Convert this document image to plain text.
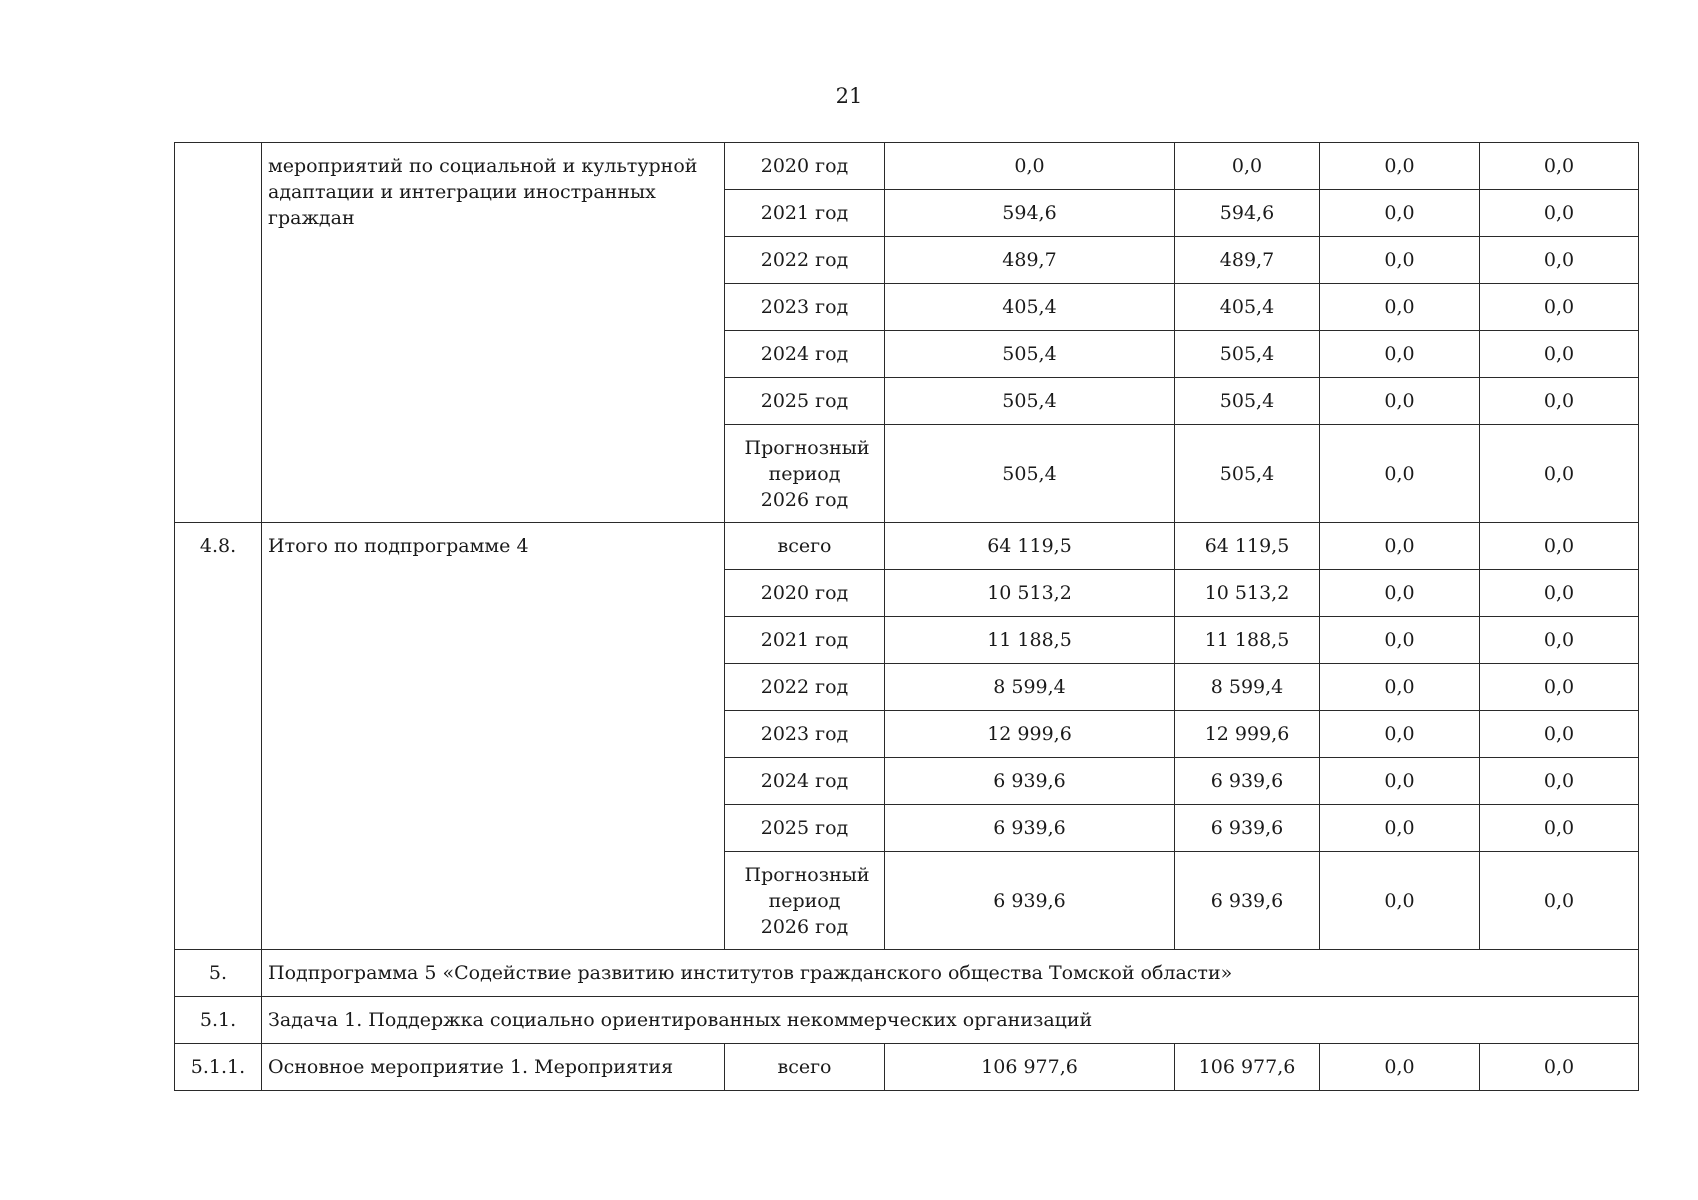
21
	мероприятий по социальной и культурной адаптации и интеграции иностранных граждан	2020 год	0,0	0,0	0,0	0,0

		2021 год	594,6	594,6	0,0	0,0

		2022 год	489,7	489,7	0,0	0,0

		2023 год	405,4	405,4	0,0	0,0

		2024 год	505,4	505,4	0,0	0,0

		2025 год	505,4	505,4	0,0	0,0

		Прогнозный период 2026 год	505,4	505,4	0,0	0,0
4.8.	Итого по подпрограмме 4	всего	64 119,5	64 119,5	0,0	0,0

		2020 год	10 513,2	10 513,2	0,0	0,0

		2021 год	11 188,5	11 188,5	0,0	0,0

		2022 год	8 599,4	8 599,4	0,0	0,0

		2023 год	12 999,6	12 999,6	0,0	0,0

		2024 год	6 939,6	6 939,6	0,0	0,0

		2025 год	6 939,6	6 939,6	0,0	0,0

		Прогнозный период 2026 год	6 939,6	6 939,6	0,0	0,0
5.	Подпрограмма 5 «Содействие развитию институтов гражданского общества Томской области»					
5.1.	Задача 1. Поддержка социально ориентированных некоммерческих организаций					
5.1.1.	Основное мероприятие 1. Мероприятия	всего	106 977,6	106 977,6	0,0	0,0
